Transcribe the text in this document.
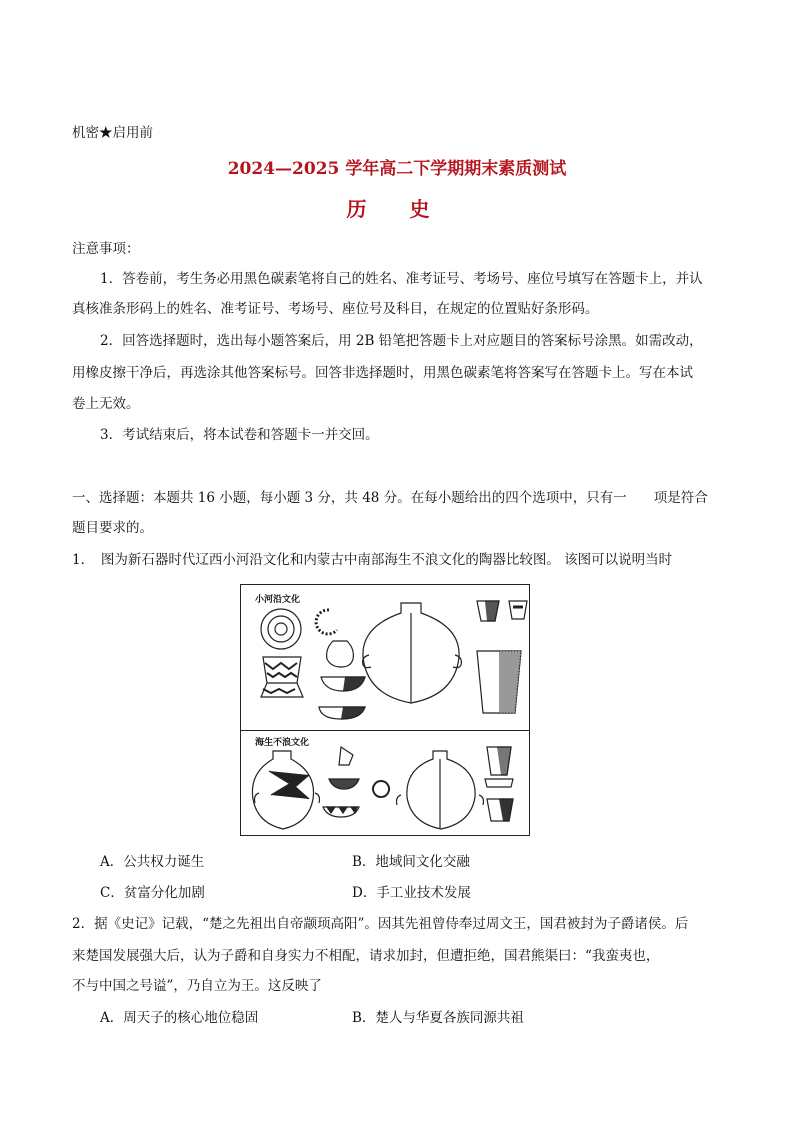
机密★启用前
2024—2025 学年高二下学期期末素质测试
历 史
注意事项：
1．答卷前，考生务必用黑色碳素笔将自己的姓名、准考证号、考场号、座位号填写在答题卡上，并认
真核准条形码上的姓名、准考证号、考场号、座位号及科目，在规定的位置贴好条形码。
2．回答选择题时，选出每小题答案后，用 2B 铅笔把答题卡上对应题目的答案标号涂黑。如需改动，
用橡皮擦干净后，再选涂其他答案标号。回答非选择题时，用黑色碳素笔将答案写在答题卡上。写在本试
卷上无效。
3．考试结束后，将本试卷和答题卡一并交回。
一、选择题：本题共 16 小题，每小题 3 分，共 48 分。在每小题给出的四个选项中，只有一　　项是符合
题目要求的。
1．　图为新石器时代辽西小河沿文化和内蒙古中南部海生不浪文化的陶器比较图。 该图可以说明当时
小河沿文化
海生不浪文化
A．公共权力诞生	B．地域间文化交融
C．贫富分化加剧	D．手工业技术发展
2．据《史记》记载，“楚之先祖出自帝颛顼高阳”。因其先祖曾侍奉过周文王，国君被封为子爵诸侯。后
来楚国发展强大后，认为子爵和自身实力不相配，请求加封，但遭拒绝，国君熊渠曰：“我蛮夷也，
不与中国之号谥”，乃自立为王。这反映了
A．周天子的核心地位稳固	B．楚人与华夏各族同源共祖
